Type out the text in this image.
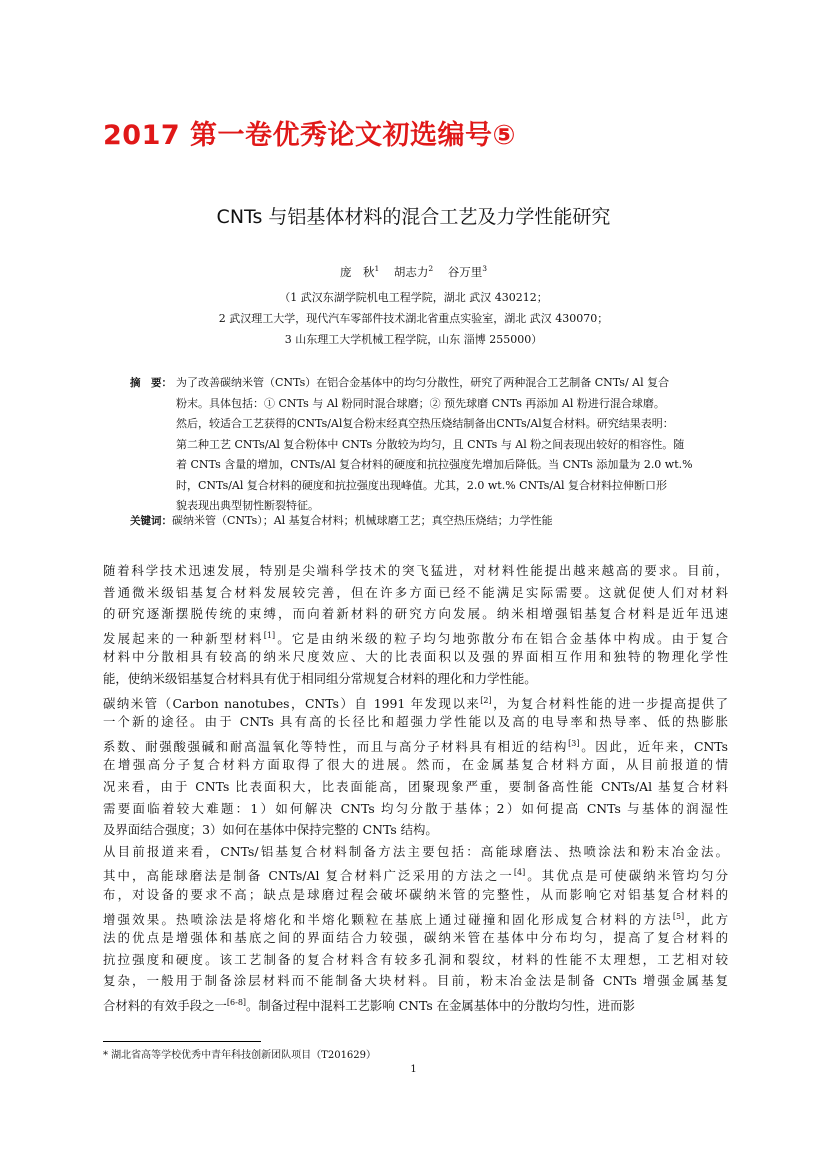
2017 第一卷优秀论文初选编号⑤
CNTs 与铝基体材料的混合工艺及力学性能研究
庞　秋$^1$ 胡志力$^2$ 谷万里$^3$
（1 武汉东湖学院机电工程学院，湖北 武汉 430212；
2 武汉理工大学，现代汽车零部件技术湖北省重点实验室，湖北 武汉 430070；
3 山东理工大学机械工程学院，山东 淄博 255000）
摘　要： 为了改善碳纳米管（CNTs）在铝合金基体中的均匀分散性，研究了两种混合工艺制备 CNTs/ Al 复合
粉末。具体包括：① CNTs 与 Al 粉同时混合球磨；② 预先球磨 CNTs 再添加 Al 粉进行混合球磨。
然后，较适合工艺获得的CNTs/Al复合粉末经真空热压烧结制备出CNTs/Al复合材料。研究结果表明：
第二种工艺 CNTs/Al 复合粉体中 CNTs 分散较为均匀，且 CNTs 与 Al 粉之间表现出较好的相容性。随
着 CNTs 含量的增加，CNTs/Al 复合材料的硬度和抗拉强度先增加后降低。当 CNTs 添加量为 2.0 wt.%
时，CNTs/Al 复合材料的硬度和抗拉强度出现峰值。尤其，2.0 wt.% CNTs/Al 复合材料拉伸断口形
貌表现出典型韧性断裂特征。
关键词：碳纳米管（CNTs）；Al 基复合材料；机械球磨工艺；真空热压烧结；力学性能
随着科学技术迅速发展，特别是尖端科学技术的突飞猛进，对材料性能提出越来越高的要求。目前，
普通微米级铝基复合材料发展较完善，但在许多方面已经不能满足实际需要。这就促使人们对材料
的研究逐渐摆脱传统的束缚，而向着新材料的研究方向发展。纳米相增强铝基复合材料是近年迅速
发展起来的一种新型材料[1]。它是由纳米级的粒子均匀地弥散分布在铝合金基体中构成。由于复合
材料中分散相具有较高的纳米尺度效应、大的比表面积以及强的界面相互作用和独特的物理化学性
能，使纳米级铝基复合材料具有优于相同组分常规复合材料的理化和力学性能。
碳纳米管（Carbon nanotubes，CNTs）自 1991 年发现以来[2]，为复合材料性能的进一步提高提供了
一个新的途径。由于 CNTs 具有高的长径比和超强力学性能以及高的电导率和热导率、低的热膨胀
系数、耐强酸强碱和耐高温氧化等特性，而且与高分子材料具有相近的结构[3]。因此，近年来，CNTs
在增强高分子复合材料方面取得了很大的进展。然而，在金属基复合材料方面，从目前报道的情
况来看，由于 CNTs 比表面积大，比表面能高，团聚现象严重，要制备高性能 CNTs/Al 基复合材料
需要面临着较大难题：1）如何解决 CNTs 均匀分散于基体；2）如何提高 CNTs 与基体的润湿性
及界面结合强度；3）如何在基体中保持完整的 CNTs 结构。
从目前报道来看，CNTs/铝基复合材料制备方法主要包括：高能球磨法、热喷涂法和粉末冶金法。
其中，高能球磨法是制备 CNTs/Al 复合材料广泛采用的方法之一[4]。其优点是可使碳纳米管均匀分
布，对设备的要求不高；缺点是球磨过程会破坏碳纳米管的完整性，从而影响它对铝基复合材料的
增强效果。热喷涂法是将熔化和半熔化颗粒在基底上通过碰撞和固化形成复合材料的方法[5]，此方
法的优点是增强体和基底之间的界面结合力较强，碳纳米管在基体中分布均匀，提高了复合材料的
抗拉强度和硬度。该工艺制备的复合材料含有较多孔洞和裂纹，材料的性能不太理想，工艺相对较
复杂，一般用于制备涂层材料而不能制备大块材料。目前，粉末冶金法是制备 CNTs 增强金属基复
合材料的有效手段之一[6-8]。制备过程中混料工艺影响 CNTs 在金属基体中的分散均匀性，进而影
* 湖北省高等学校优秀中青年科技创新团队项目（T201629）
1
